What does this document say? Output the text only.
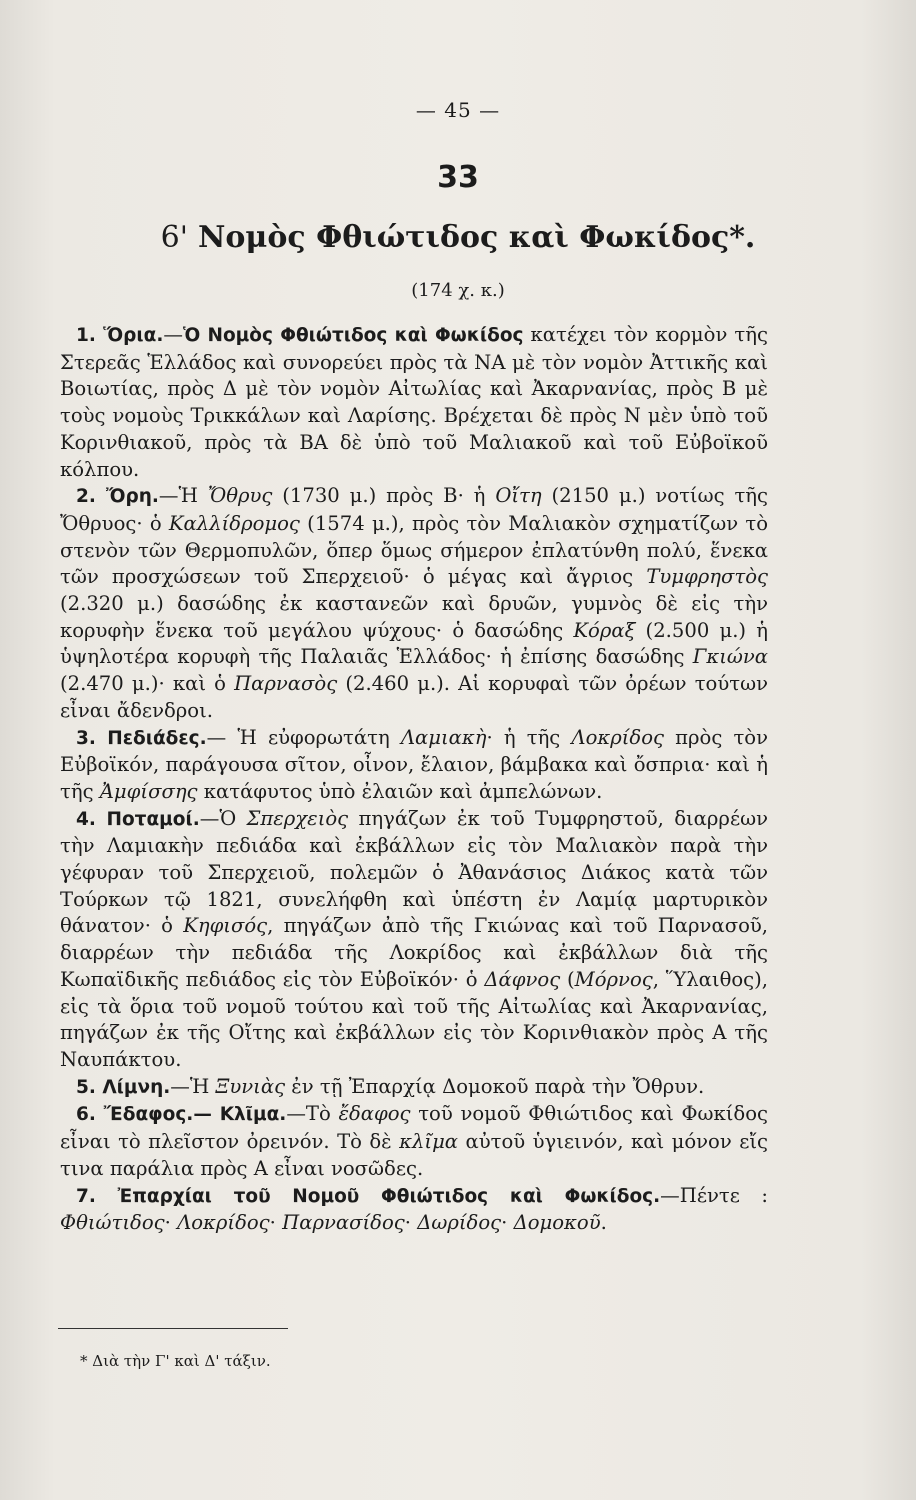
— 45 —
33
6' Νομὸς Φθιώτιδος καὶ Φωκίδος*.
(174 χ. κ.)

1. Ὅρια.—Ὁ Νομὸς Φθιώτιδος καὶ Φωκίδος κατέχει τὸν κορμὸν τῆς Στερεᾶς Ἑλλάδος καὶ συνορεύει πρὸς τὰ ΝΑ μὲ τὸν νομὸν Ἀττικῆς καὶ Βοιωτίας, πρὸς Δ μὲ τὸν νομὸν Αἰτωλίας καὶ Ἀκαρνανίας, πρὸς Β μὲ τοὺς νομοὺς Τρικκάλων καὶ Λαρίσης. Βρέχεται δὲ πρὸς Ν μὲν ὑπὸ τοῦ Κορινθιακοῦ, πρὸς τὰ ΒΑ δὲ ὑπὸ τοῦ Μαλιακοῦ καὶ τοῦ Εὐβοϊκοῦ κόλπου.

2. Ὄρη.—Ἡ Ὄθρυς (1730 μ.) πρὸς Β· ἡ Οἴτη (2150 μ.) νοτίως τῆς Ὄθρυος· ὁ Καλλίδρομος (1574 μ.), πρὸς τὸν Μαλιακὸν σχηματίζων τὸ στενὸν τῶν Θερμοπυλῶν, ὅπερ ὅμως σήμερον ἐπλατύνθη πολύ, ἕνεκα τῶν προσχώσεων τοῦ Σπερχειοῦ· ὁ μέγας καὶ ἄγριος Τυμφρηστὸς (2.320 μ.) δασώδης ἐκ καστανεῶν καὶ δρυῶν, γυμνὸς δὲ εἰς τὴν κορυφὴν ἕνεκα τοῦ μεγάλου ψύχους· ὁ δασώδης Κόραξ (2.500 μ.) ἡ ὑψηλοτέρα κορυφὴ τῆς Παλαιᾶς Ἑλλάδος· ἡ ἐπίσης δασώδης Γκιώνα (2.470 μ.)· καὶ ὁ Παρνασὸς (2.460 μ.). Αἱ κορυφαὶ τῶν ὀρέων τούτων εἶναι ἄδενδροι.

3. Πεδιάδες.— Ἡ εὐφορωτάτη Λαμιακὴ· ἡ τῆς Λοκρίδος πρὸς τὸν Εὐβοϊκόν, παράγουσα σῖτον, οἶνον, ἔλαιον, βάμβακα καὶ ὄσπρια· καὶ ἡ τῆς Ἀμφίσσης κατάφυτος ὑπὸ ἐλαιῶν καὶ ἀμπελώνων.

4. Ποταμοί.—Ὁ Σπερχειὸς πηγάζων ἐκ τοῦ Τυμφρηστοῦ, διαρρέων τὴν Λαμιακὴν πεδιάδα καὶ ἐκβάλλων εἰς τὸν Μαλιακὸν παρὰ τὴν γέφυραν τοῦ Σπερχειοῦ, πολεμῶν ὁ Ἀθανάσιος Διάκος κατὰ τῶν Τούρκων τῷ 1821, συνελήφθη καὶ ὑπέστη ἐν Λαμίᾳ μαρτυρικὸν θάνατον· ὁ Κηφισός, πηγάζων ἀπὸ τῆς Γκιώνας καὶ τοῦ Παρνασοῦ, διαρρέων τὴν πεδιάδα τῆς Λοκρίδος καὶ ἐκβάλλων διὰ τῆς Κωπαϊδικῆς πεδιάδος εἰς τὸν Εὐβοϊκόν· ὁ Δάφνος (Μόρνος, Ὕλαιθος), εἰς τὰ ὅρια τοῦ νομοῦ τούτου καὶ τοῦ τῆς Αἰτωλίας καὶ Ἀκαρνανίας, πηγάζων ἐκ τῆς Οἴτης καὶ ἐκβάλλων εἰς τὸν Κορινθιακὸν πρὸς Α τῆς Ναυπάκτου.

5. Λίμνη.—Ἡ Ξυνιὰς ἐν τῇ Ἐπαρχίᾳ Δομοκοῦ παρὰ τὴν Ὄθρυν.

6. Ἔδαφος.— Κλῖμα.—Τὸ ἔδαφος τοῦ νομοῦ Φθιώτιδος καὶ Φωκίδος εἶναι τὸ πλεῖστον ὀρεινόν. Τὸ δὲ κλῖμα αὐτοῦ ὑγιεινόν, καὶ μόνον εἴς τινα παράλια πρὸς Α εἶναι νοσῶδες.

7. Ἐπαρχίαι τοῦ Νομοῦ Φθιώτιδος καὶ Φωκίδος.—Πέντε : Φθιώτιδος· Λοκρίδος· Παρνασίδος· Δωρίδος· Δομοκοῦ.

* Διὰ τὴν Γ' καὶ Δ' τάξιν.
